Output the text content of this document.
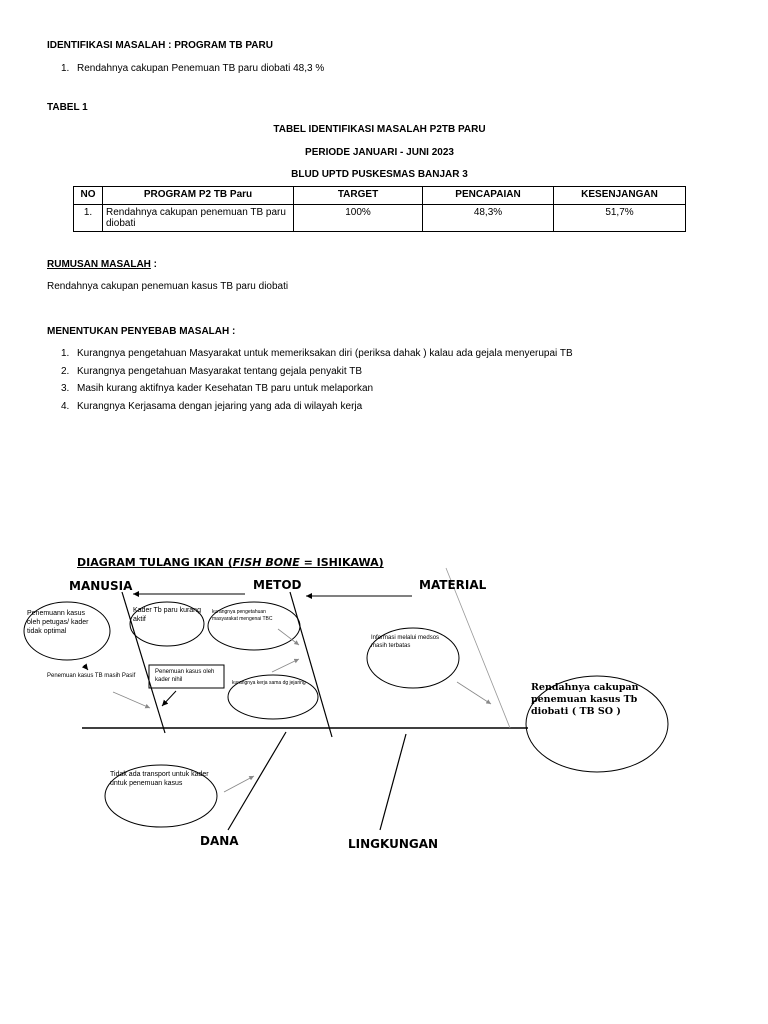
IDENTIFIKASI MASALAH : PROGRAM TB PARU
1. Rendahnya cakupan Penemuan TB paru diobati 48,3 %
TABEL 1
TABEL IDENTIFIKASI MASALAH P2TB PARU
PERIODE JANUARI - JUNI 2023
BLUD UPTD PUSKESMAS BANJAR 3
NO	PROGRAM P2 TB Paru	TARGET	PENCAPAIAN	KESENJANGAN
1.	Rendahnya cakupan penemuan TB paru diobati	100%	48,3%	51,7%
RUMUSAN MASALAH :
Rendahnya cakupan penemuan kasus TB paru diobati
MENENTUKAN PENYEBAB MASALAH :
1. Kurangnya pengetahuan Masyarakat untuk memeriksakan diri (periksa dahak ) kalau ada gejala menyerupai TB
2. Kurangnya pengetahuan Masyarakat tentang gejala penyakit TB
3. Masih kurang aktifnya kader Kesehatan TB paru untuk melaporkan
4. Kurangnya Kerjasama dengan jejaring yang ada di wilayah kerja
DIAGRAM TULANG IKAN (FISH BONE = ISHIKAWA)
MANUSIA	METOD	MATERIAL
DANA	LINGKUNGAN
Rendahnya cakupan penemuan kasus Tb diobati ( TB SO )
Penemuann kasus oleh petugas/ kader tidak optimal
Penemuan kasus TB masih Pasif
Kader Tb paru kurang aktif
Penemuan kasus oleh kader nihil
kurangnya pengetahuan masyarakat mengenai TBC
kurangnya kerja sama dg jejaring
Informasi melalui medsos masih terbatas
Tidak ada transport untuk kader untuk penemuan kasus
